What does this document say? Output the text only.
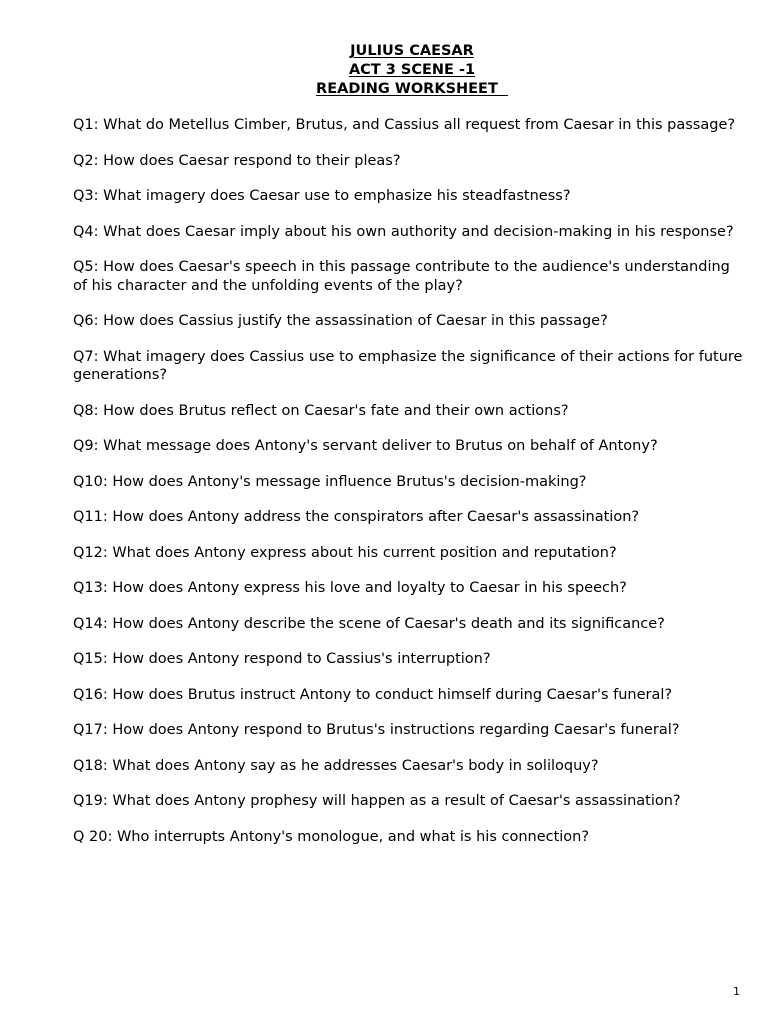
JULIUS CAESAR
ACT 3 SCENE -1
READING WORKSHEET
Q1: What do Metellus Cimber, Brutus, and Cassius all request from Caesar in this passage?
Q2: How does Caesar respond to their pleas?
Q3: What imagery does Caesar use to emphasize his steadfastness?
Q4: What does Caesar imply about his own authority and decision-making in his response?
Q5: How does Caesar's speech in this passage contribute to the audience's understanding of his character and the unfolding events of the play?
Q6: How does Cassius justify the assassination of Caesar in this passage?
Q7: What imagery does Cassius use to emphasize the significance of their actions for future generations?
Q8: How does Brutus reflect on Caesar's fate and their own actions?
Q9: What message does Antony's servant deliver to Brutus on behalf of Antony?
Q10: How does Antony's message influence Brutus's decision-making?
Q11: How does Antony address the conspirators after Caesar's assassination?
Q12: What does Antony express about his current position and reputation?
Q13: How does Antony express his love and loyalty to Caesar in his speech?
Q14: How does Antony describe the scene of Caesar's death and its significance?
Q15: How does Antony respond to Cassius's interruption?
Q16: How does Brutus instruct Antony to conduct himself during Caesar's funeral?
Q17: How does Antony respond to Brutus's instructions regarding Caesar's funeral?
Q18: What does Antony say as he addresses Caesar's body in soliloquy?
Q19: What does Antony prophesy will happen as a result of Caesar's assassination?
Q 20: Who interrupts Antony's monologue, and what is his connection?
1
